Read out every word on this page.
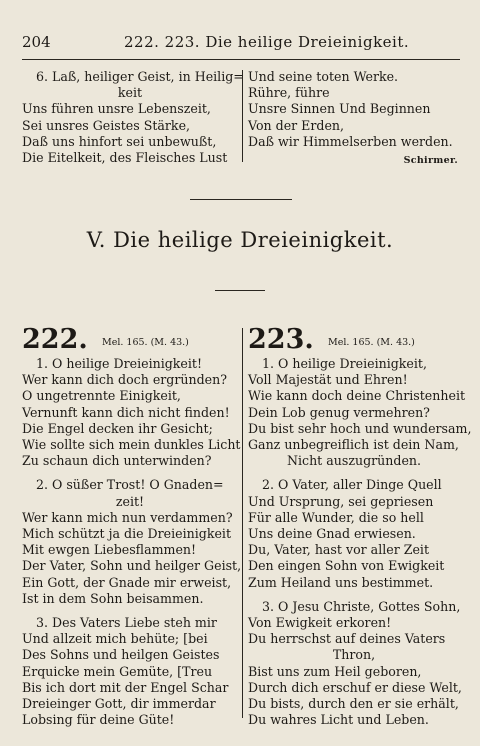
204	222. 223. Die heilige Dreieinigkeit.
6. Laß, heiliger Geist, in Heilig=
keit
Uns führen unsre Lebenszeit,
Sei unsres Geistes Stärke,
Daß uns hinfort sei unbewußt,
Die Eitelkeit, des Fleisches Lust
Und seine toten Werke.
Rühre, führe
Unsre Sinnen Und Beginnen
Von der Erden,
Daß wir Himmelserben werden.
Schirmer.
V. Die heilige Dreieinigkeit.
222. Mel. 165. (M. 43.)
1. O heilige Dreieinigkeit!
Wer kann dich doch ergründen?
O ungetrennte Einigkeit,
Vernunft kann dich nicht finden!
Die Engel decken ihr Gesicht;
Wie sollte sich mein dunkles Licht
Zu schaun dich unterwinden?
2. O süßer Trost! O Gnaden=
zeit!
Wer kann mich nun verdammen?
Mich schützt ja die Dreieinigkeit
Mit ewgen Liebesflammen!
Der Vater, Sohn und heilger Geist,
Ein Gott, der Gnade mir erweist,
Ist in dem Sohn beisammen.
3. Des Vaters Liebe steh mir
Und allzeit mich behüte; [bei
Des Sohns und heilgen Geistes
Erquicke mein Gemüte, [Treu
Bis ich dort mit der Engel Schar
Dreieinger Gott, dir immerdar
Lobsing für deine Güte!
223. Mel. 165. (M. 43.)
1. O heilige Dreieinigkeit,
Voll Majestät und Ehren!
Wie kann doch deine Christenheit
Dein Lob genug vermehren?
Du bist sehr hoch und wundersam,
Ganz unbegreiflich ist dein Nam,
Nicht auszugründen.
2. O Vater, aller Dinge Quell
Und Ursprung, sei gepriesen
Für alle Wunder, die so hell
Uns deine Gnad erwiesen.
Du, Vater, hast vor aller Zeit
Den eingen Sohn von Ewigkeit
Zum Heiland uns bestimmet.
3. O Jesu Christe, Gottes Sohn,
Von Ewigkeit erkoren!
Du herrschst auf deines Vaters
Thron,
Bist uns zum Heil geboren,
Durch dich erschuf er diese Welt,
Du bists, durch den er sie erhält,
Du wahres Licht und Leben.
